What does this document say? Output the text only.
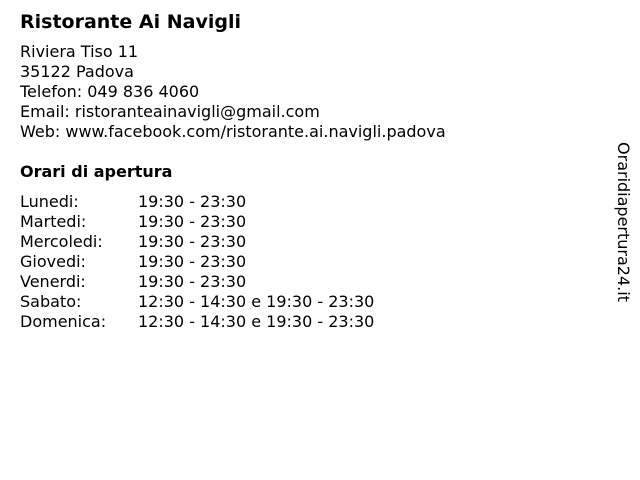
Ristorante Ai Navigli
Riviera Tiso 11
35122 Padova
Telefon: 049 836 4060
Email: ristoranteainavigli@gmail.com
Web: www.facebook.com/ristorante.ai.navigli.padova
Orari di apertura
Lunedi:	19:30 - 23:30
Martedi:	19:30 - 23:30
Mercoledi:	19:30 - 23:30
Giovedi:	19:30 - 23:30
Venerdi:	19:30 - 23:30
Sabato:	12:30 - 14:30 e 19:30 - 23:30
Domenica:	12:30 - 14:30 e 19:30 - 23:30
Oraridiapertura24.it
